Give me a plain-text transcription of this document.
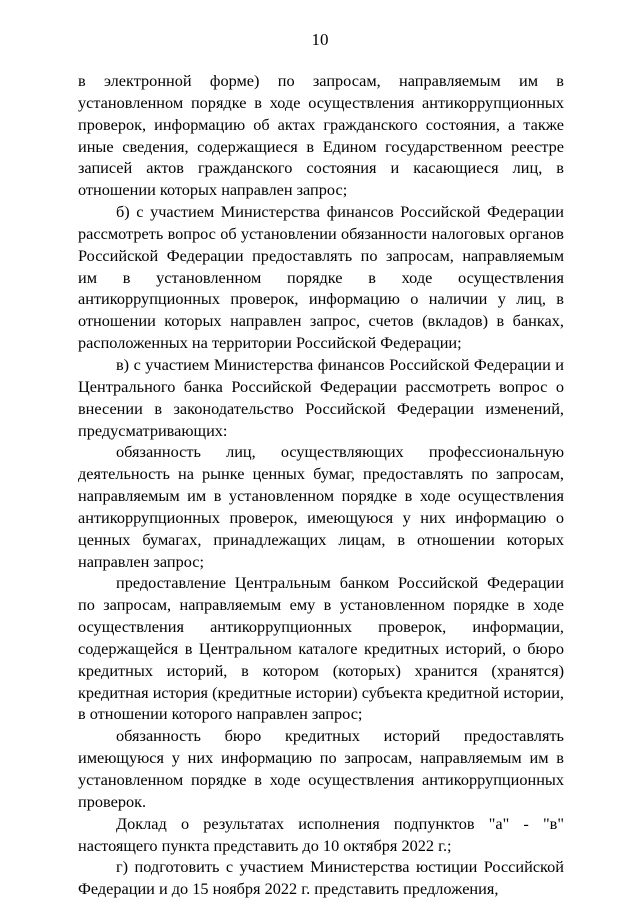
10

в электронной форме) по запросам, направляемым им в установленном порядке в ходе осуществления антикоррупционных проверок, информацию об актах гражданского состояния, а также иные сведения, содержащиеся в Едином государственном реестре записей актов гражданского состояния и касающиеся лиц, в отношении которых направлен запрос;

б) с участием Министерства финансов Российской Федерации рассмотреть вопрос об установлении обязанности налоговых органов Российской Федерации предоставлять по запросам, направляемым им в установленном порядке в ходе осуществления антикоррупционных проверок, информацию о наличии у лиц, в отношении которых направлен запрос, счетов (вкладов) в банках, расположенных на территории Российской Федерации;

в) с участием Министерства финансов Российской Федерации и Центрального банка Российской Федерации рассмотреть вопрос о внесении в законодательство Российской Федерации изменений, предусматривающих:

обязанность лиц, осуществляющих профессиональную деятельность на рынке ценных бумаг, предоставлять по запросам, направляемым им в установленном порядке в ходе осуществления антикоррупционных проверок, имеющуюся у них информацию о ценных бумагах, принадлежащих лицам, в отношении которых направлен запрос;

предоставление Центральным банком Российской Федерации по запросам, направляемым ему в установленном порядке в ходе осуществления антикоррупционных проверок, информации, содержащейся в Центральном каталоге кредитных историй, о бюро кредитных историй, в котором (которых) хранится (хранятся) кредитная история (кредитные истории) субъекта кредитной истории, в отношении которого направлен запрос;

обязанность бюро кредитных историй предоставлять имеющуюся у них информацию по запросам, направляемым им в установленном порядке в ходе осуществления антикоррупционных проверок.

Доклад о результатах исполнения подпунктов "а" - "в" настоящего пункта представить до 10 октября 2022 г.;

г) подготовить с участием Министерства юстиции Российской Федерации и до 15 ноября 2022 г. представить предложения,
